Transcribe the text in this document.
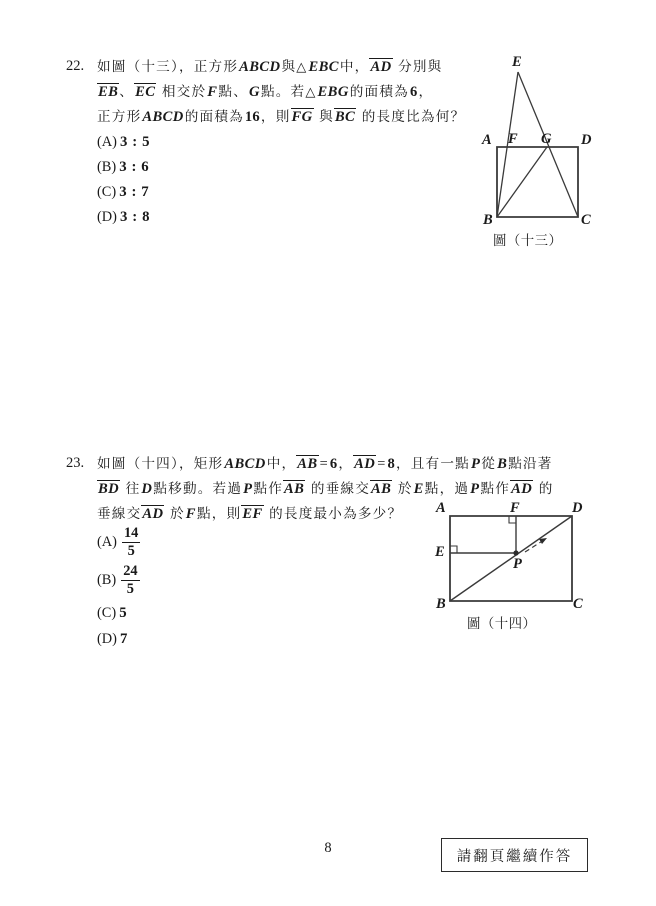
22. 如圖（十三），正方形ABCD與△ EBC中，AD 分別與
EB、EC 相交於F點、G點。若△ EBG的面積為6，
正方形ABCD的面積為16，則FG 與BC 的長度比為何？
(A) 3 : 5
(B) 3 : 6
(C) 3 : 7
(D) 3 : 8
E
A F G D
B	C
圖（十三）
23. 如圖（十四），矩形ABCD中，AB = 6，AD = 8，且有一點P從B點沿著
BD 往D點移動。若過P點作AB 的垂線交AB 於E點，過P點作AD 的
垂線交AD 於F點，則EF 的長度最小為多少？
$(A) \frac{14}{5}$
$(B) \frac{24}{5}$
(C) 5
(D) 7
A	F	D
E
P
B	C
圖（十四）
8
請翻頁繼續作答
